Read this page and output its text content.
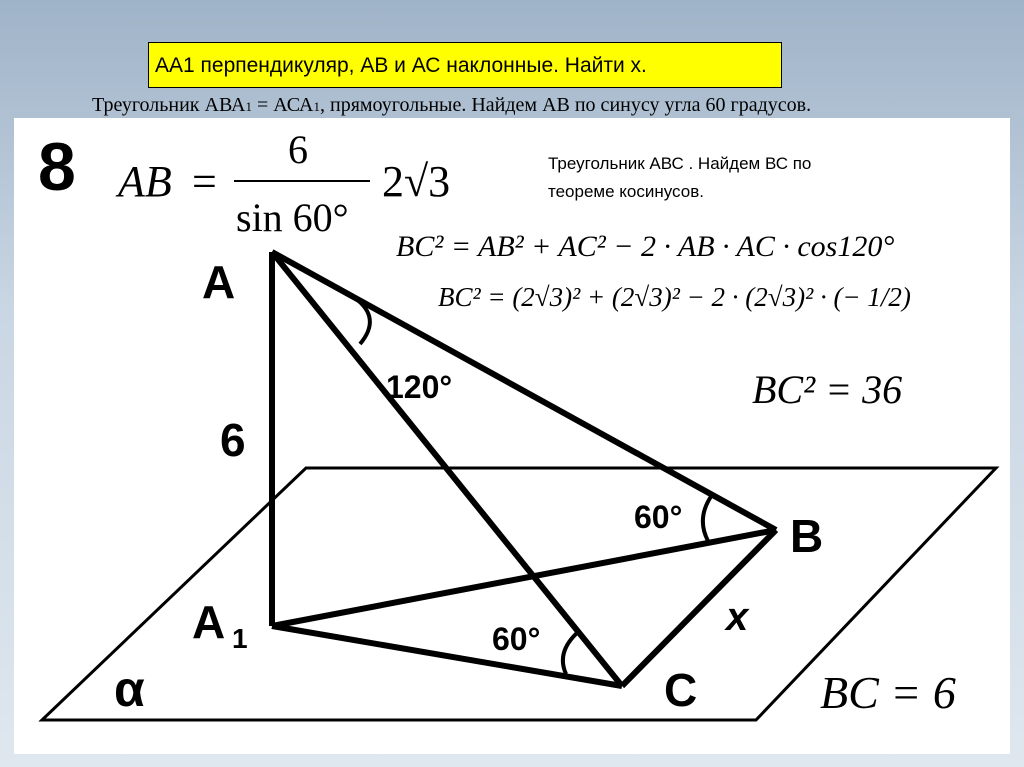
АА1 перпендикуляр, АВ и АС наклонные. Найти х.
Треугольник АВА1 = АСА1, прямоугольные. Найдем АВ по синусу угла 60 градусов.
8	Треугольник АВС . Найдем ВС по
теореме косинусов.
AB =
6
sin 60°
2√3
BC² = AB² + AC² − 2 · AB · AC · cos120°
BC² = (2√3)² + (2√3)² − 2 · (2√3)² · (− 1/2)
BC² = 36
BC = 6
A
A 1
B
C
α
6
x
120°
60°
60°
